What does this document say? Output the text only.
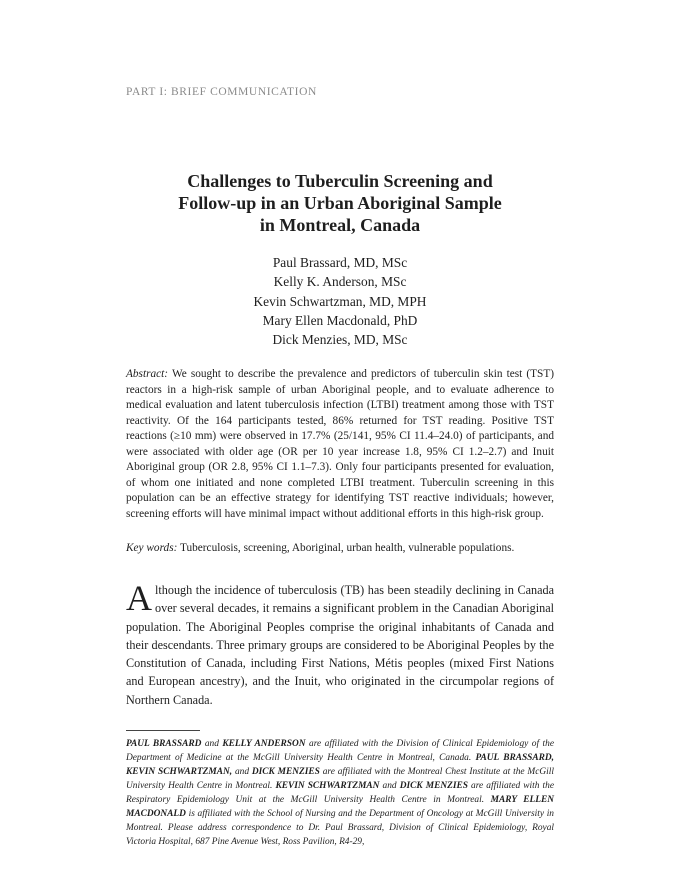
PART I: BRIEF COMMUNICATION
Challenges to Tuberculin Screening and
Follow-up in an Urban Aboriginal Sample
in Montreal, Canada
Paul Brassard, MD, MSc
Kelly K. Anderson, MSc
Kevin Schwartzman, MD, MPH
Mary Ellen Macdonald, PhD
Dick Menzies, MD, MSc

Abstract: We sought to describe the prevalence and predictors of tuberculin skin test (TST) reactors in a high-risk sample of urban Aboriginal people, and to evaluate adherence to medical evaluation and latent tuberculosis infection (LTBI) treatment among those with TST reactivity. Of the 164 participants tested, 86% returned for TST reading. Positive TST reactions (≥10 mm) were observed in 17.7% (25/141, 95% CI 11.4–24.0) of participants, and were associated with older age (OR per 10 year increase 1.8, 95% CI 1.2–2.7) and Inuit Aboriginal group (OR 2.8, 95% CI 1.1–7.3). Only four participants presented for evaluation, of whom one initiated and none completed LTBI treatment. Tuberculin screening in this population can be an effective strategy for identifying TST reactive individuals; however, screening efforts will have minimal impact without additional efforts in this high-risk group.

Key words: Tuberculosis, screening, Aboriginal, urban health, vulnerable populations.

Although the incidence of tuberculosis (TB) has been steadily declining in Canada over several decades, it remains a significant problem in the Canadian Aboriginal population. The Aboriginal Peoples comprise the original inhabitants of Canada and their descendants. Three primary groups are considered to be Aboriginal Peoples by the Constitution of Canada, including First Nations, Métis peoples (mixed First Nations and European ancestry), and the Inuit, who originated in the circumpolar regions of Northern Canada.

PAUL BRASSARD and KELLY ANDERSON are affiliated with the Division of Clinical Epidemiology of the Department of Medicine at the McGill University Health Centre in Montreal, Canada. PAUL BRASSARD, KEVIN SCHWARTZMAN, and DICK MENZIES are affiliated with the Montreal Chest Institute at the McGill University Health Centre in Montreal. KEVIN SCHWARTZMAN and DICK MENZIES are affiliated with the Respiratory Epidemiology Unit at the McGill University Health Centre in Montreal. MARY ELLEN MACDONALD is affiliated with the School of Nursing and the Department of Oncology at McGill University in Montreal. Please address correspondence to Dr. Paul Brassard, Division of Clinical Epidemiology, Royal Victoria Hospital, 687 Pine Avenue West, Ross Pavilion, R4-29,
